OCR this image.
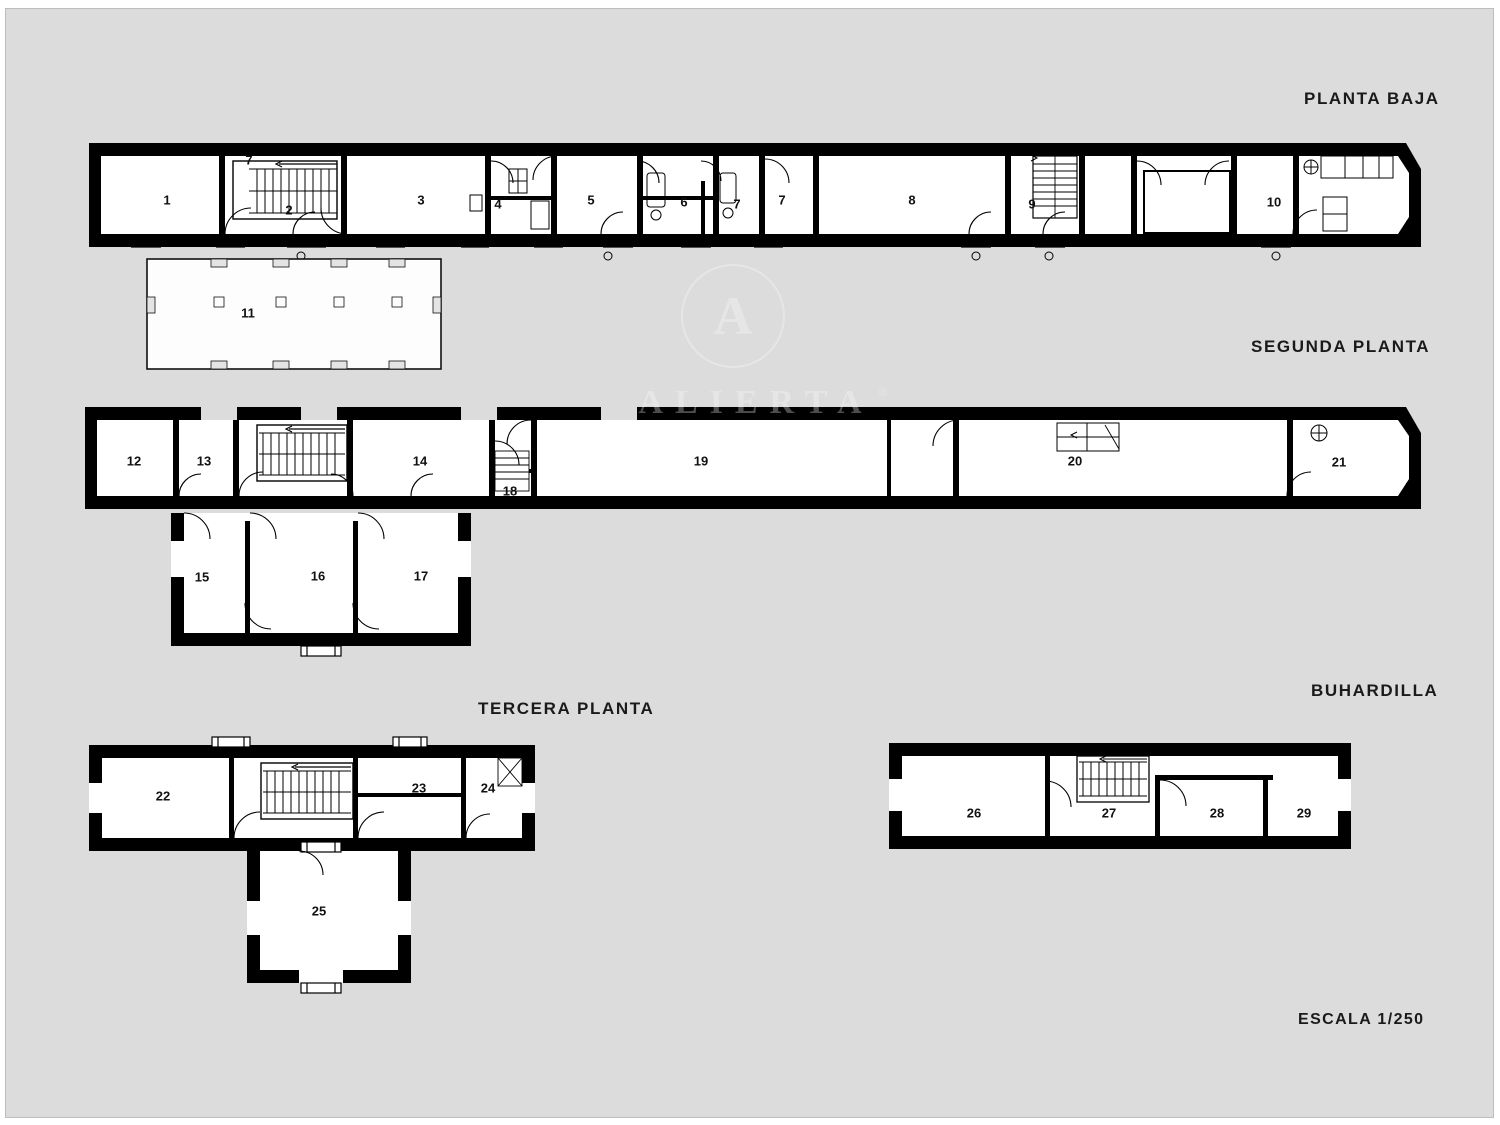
A
ALIERTA ®
PLANTA BAJA
SEGUNDA PLANTA
TERCERA PLANTA
BUHARDILLA
ESCALA 1/250
1
2
3	4	5	6	7	7	8	9	10
7
11
12	13	14
18
19	20	21
15	16	17
22
23	24
25
26	27	28	29
